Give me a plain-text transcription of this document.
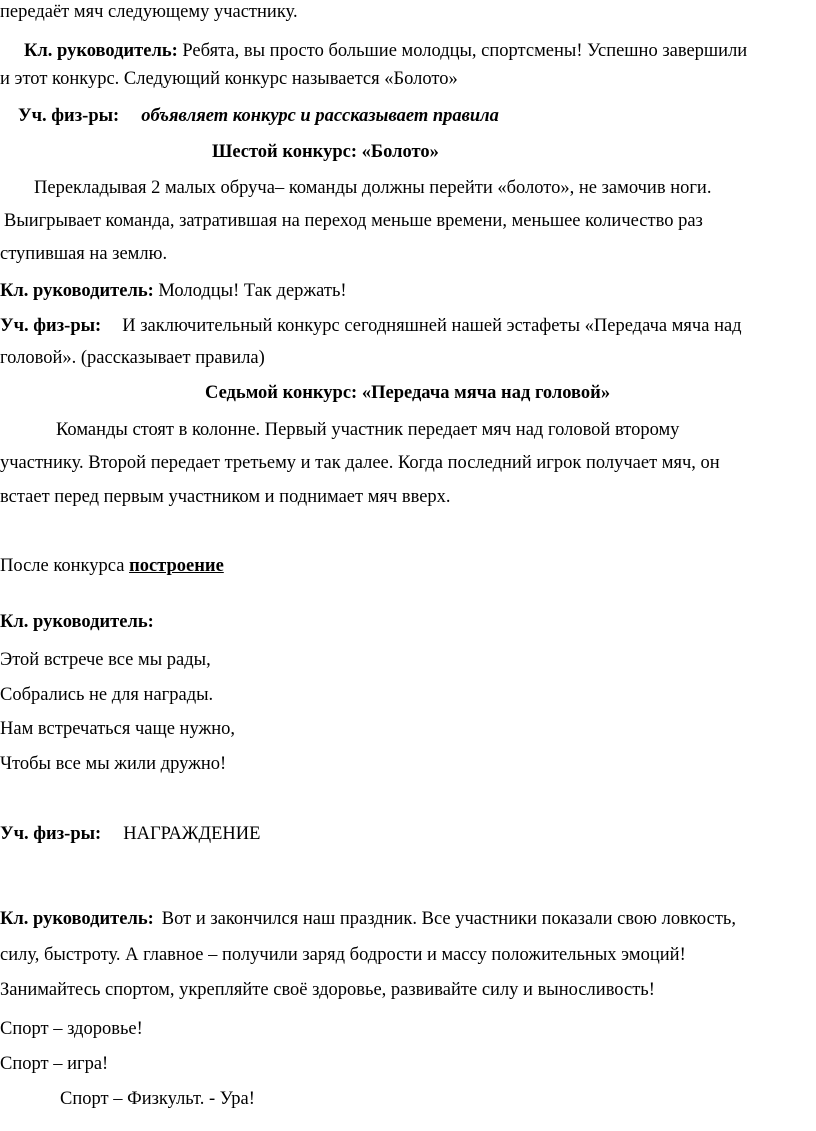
передаёт мяч следующему участнику.
Кл. руководитель: Ребята, вы просто большие молодцы, спортсмены! Успешно завершили
и этот конкурс. Следующий конкурс называется «Болото»
Уч. физ-ры: объявляет конкурс и рассказывает правила
Шестой конкурс: «Болото»
Перекладывая 2 малых обруча– команды должны перейти «болото», не замочив ноги.
Выигрывает команда, затратившая на переход меньше времени, меньшее количество раз
ступившая на землю.
Кл. руководитель: Молодцы! Так держать!
Уч. физ-ры: И заключительный конкурс сегодняшней нашей эстафеты «Передача мяча над
головой». (рассказывает правила)
Седьмой конкурс: «Передача мяча над головой»
Команды стоят в колонне. Первый участник передает мяч над головой второму
участнику. Второй передает третьему и так далее. Когда последний игрок получает мяч, он
встает перед первым участником и поднимает мяч вверх.
После конкурса построение
Кл. руководитель:
Этой встрече все мы рады,
Собрались не для награды.
Нам встречаться чаще нужно,
Чтобы все мы жили дружно!
Уч. физ-ры: НАГРАЖДЕНИЕ
Кл. руководитель: Вот и закончился наш праздник. Все участники показали свою ловкость,
силу, быстроту. А главное – получили заряд бодрости и массу положительных эмоций!
Занимайтесь спортом, укрепляйте своё здоровье, развивайте силу и выносливость!
Спорт – здоровье!
Спорт – игра!
Спорт – Физкульт. - Ура!
